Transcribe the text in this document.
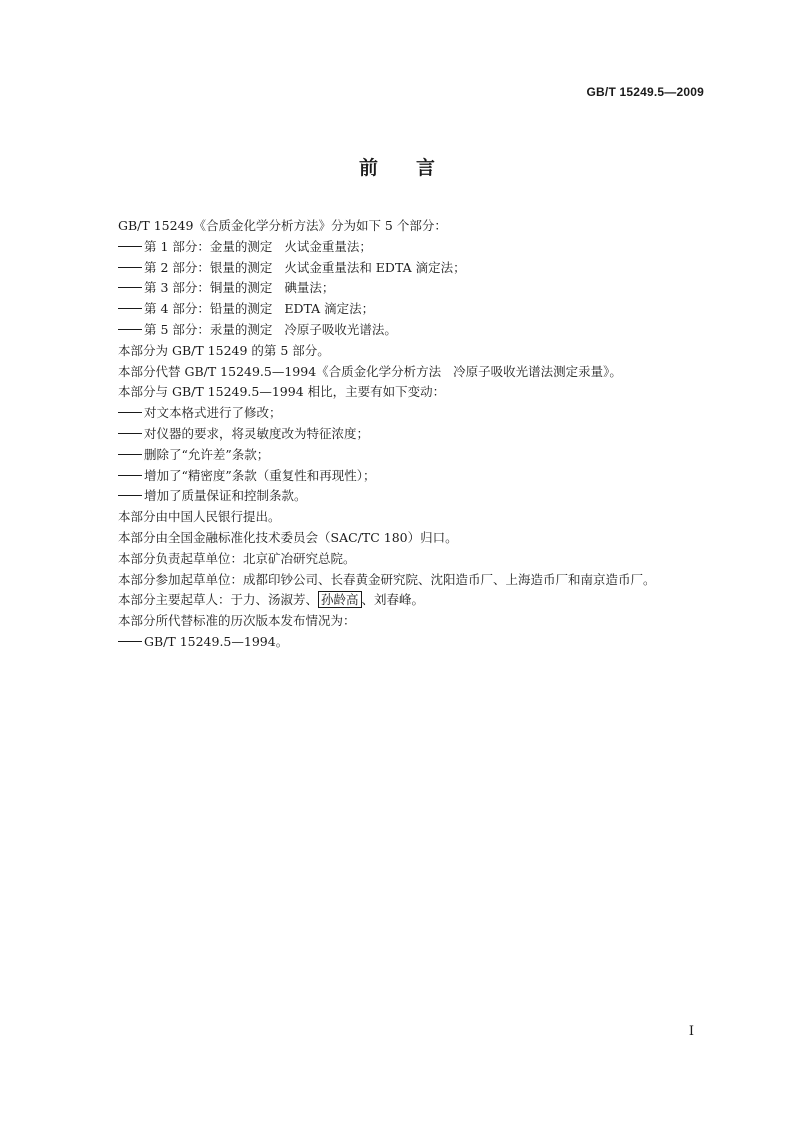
GB/T 15249.5—2009
前 言
GB/T 15249《合质金化学分析方法》分为如下 5 个部分：
第 1 部分：金量的测定   火试金重量法；
第 2 部分：银量的测定   火试金重量法和 EDTA 滴定法；
第 3 部分：铜量的测定   碘量法；
第 4 部分：铅量的测定   EDTA 滴定法；
第 5 部分：汞量的测定   冷原子吸收光谱法。
本部分为 GB/T 15249 的第 5 部分。
本部分代替 GB/T 15249.5—1994《合质金化学分析方法   冷原子吸收光谱法测定汞量》。
本部分与 GB/T 15249.5—1994 相比，主要有如下变动：
对文本格式进行了修改；
对仪器的要求，将灵敏度改为特征浓度；
删除了“允许差”条款；
增加了“精密度”条款（重复性和再现性）；
增加了质量保证和控制条款。
本部分由中国人民银行提出。
本部分由全国金融标准化技术委员会（SAC/TC 180）归口。
本部分负责起草单位：北京矿冶研究总院。
本部分参加起草单位：成都印钞公司、长春黄金研究院、沈阳造币厂、上海造币厂和南京造币厂。
本部分主要起草人：于力、汤淑芳、 孙龄高 、刘春峰。
本部分所代替标准的历次版本发布情况为：
GB/T 15249.5—1994。
I
